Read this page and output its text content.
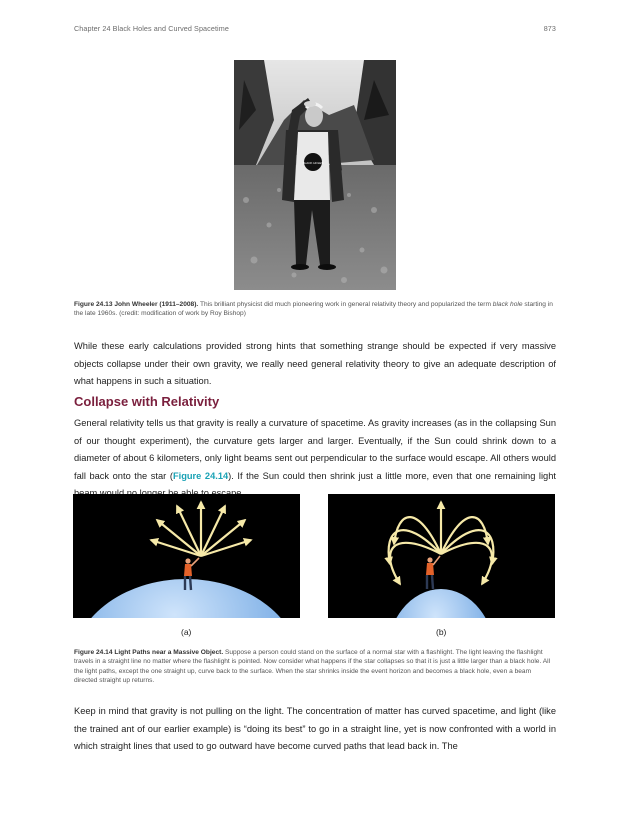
Chapter 24 Black Holes and Curved Spacetime	873
BLACK HOLES
Figure 24.13 John Wheeler (1911–2008). This brilliant physicist did much pioneering work in general relativity theory and popularized the term black hole starting in the late 1960s. (credit: modification of work by Roy Bishop)
While these early calculations provided strong hints that something strange should be expected if very massive objects collapse under their own gravity, we really need general relativity theory to give an adequate description of what happens in such a situation.
Collapse with Relativity
General relativity tells us that gravity is really a curvature of spacetime. As gravity increases (as in the collapsing Sun of our thought experiment), the curvature gets larger and larger. Eventually, if the Sun could shrink down to a diameter of about 6 kilometers, only light beams sent out perpendicular to the surface would escape. All others would fall back onto the star (Figure 24.14). If the Sun could then shrink just a little more, even that one remaining light
(a)	(b)
Figure 24.14 Light Paths near a Massive Object. Suppose a person could stand on the surface of a normal star with a flashlight. The light leaving the flashlight travels in a straight line no matter where the flashlight is pointed. Now consider what happens if the star collapses so that it is just a little larger than a black hole. All the light paths, except the one straight up, curve back to the surface. When the star shrinks inside the event horizon and becomes a black hole, even a beam directed straight up returns.
Keep in mind that gravity is not pulling on the light. The concentration of matter has curved spacetime, and light (like the trained ant of our earlier example) is “doing its best” to go in a straight line, yet is now confronted with a world in which straight lines that used to go outward have become curved paths that lead back in. The
